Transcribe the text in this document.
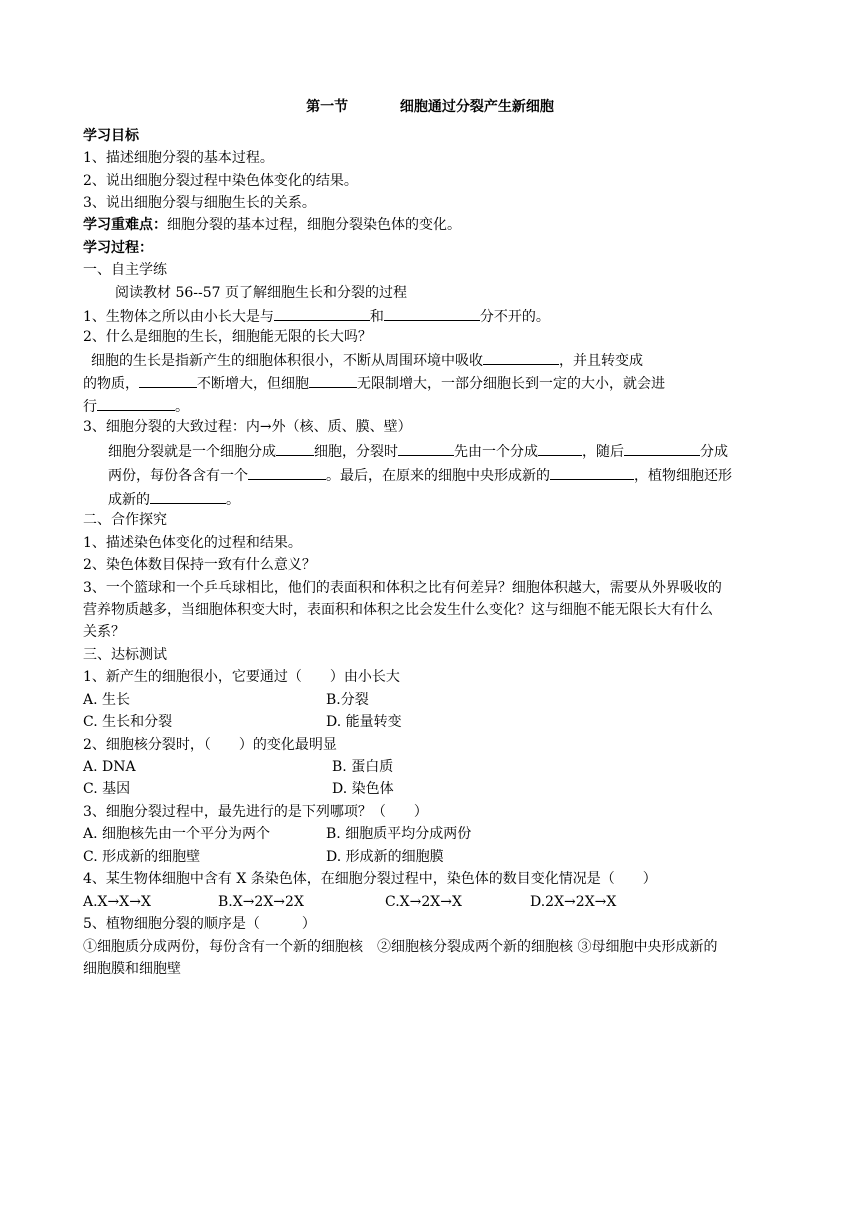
第一节	细胞通过分裂产生新细胞
学习目标
1、描述细胞分裂的基本过程。
2、说出细胞分裂过程中染色体变化的结果。
3、说出细胞分裂与细胞生长的关系。
学习重难点：细胞分裂的基本过程，细胞分裂染色体的变化。
学习过程：
一、自主学练
阅读教材 56--57 页了解细胞生长和分裂的过程
1、生物体之所以由小长大是与	和	分不开的。
2、什么是细胞的生长，细胞能无限的长大吗？
细胞的生长是指新产生的细胞体积很小，不断从周围环境中吸收	，并且转变成
的物质，	不断增大，但细胞	无限制增大，一部分细胞长到一定的大小，就会进
行	。
3、细胞分裂的大致过程：内→外（核、质、膜、壁）
细胞分裂就是一个细胞分成	细胞，分裂时	先由一个分成	，随后	分成
两份，每份各含有一个	。最后，在原来的细胞中央形成新的	，植物细胞还形
成新的	。
二、合作探究
1、描述染色体变化的过程和结果。
2、染色体数目保持一致有什么意义？
3、一个篮球和一个乒乓球相比，他们的表面积和体积之比有何差异？细胞体积越大，需要从外界吸收的
营养物质越多，当细胞体积变大时，表面积和体积之比会发生什么变化？这与细胞不能无限长大有什么
关系？
三、达标测试
1、新产生的细胞很小，它要通过（　　）由小长大
A. 生长	B.分裂
C. 生长和分裂	D. 能量转变
2、细胞核分裂时，（　　）的变化最明显
A. DNA	B. 蛋白质
C. 基因	D. 染色体
3、细胞分裂过程中，最先进行的是下列哪项？（　　）
A. 细胞核先由一个平分为两个	B. 细胞质平均分成两份
C. 形成新的细胞壁	D. 形成新的细胞膜
4、某生物体细胞中含有 X 条染色体，在细胞分裂过程中，染色体的数目变化情况是（　　）
A.X→X→X	B.X→2X→2X	C.X→2X→X	D.2X→2X→X
5、植物细胞分裂的顺序是（　　　）
①细胞质分成两份，每份含有一个新的细胞核　②细胞核分裂成两个新的细胞核 ③母细胞中央形成新的
细胞膜和细胞壁
